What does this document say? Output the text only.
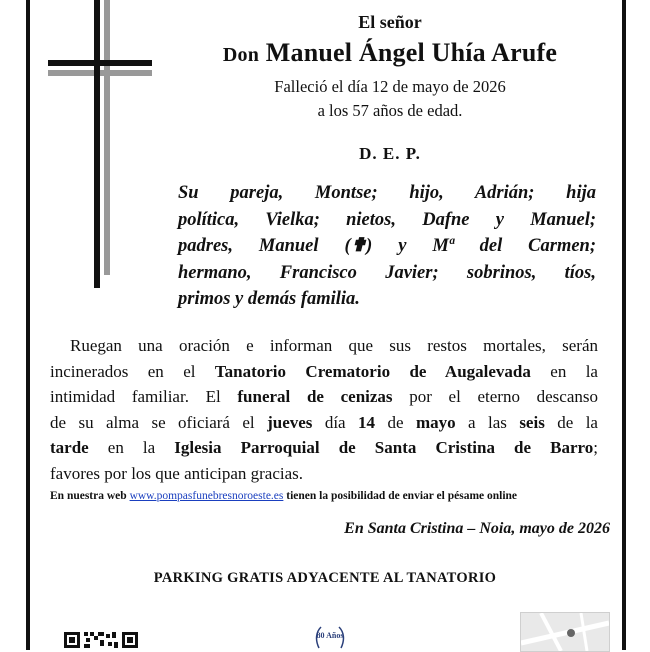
El señor
Don Manuel Ángel Uhía Arufe
Falleció el día 12 de mayo de 2026
a los 57 años de edad.
D. E. P.
Su pareja, Montse; hijo, Adrián; hija
política, Vielka; nietos, Dafne y Manuel;
padres, Manuel (✟) y Mª del Carmen;
hermano, Francisco Javier; sobrinos, tíos,
primos y demás familia.
Ruegan una oración e informan que sus restos mortales, serán
incinerados en el Tanatorio Crematorio de Augalevada en la
intimidad familiar. El funeral de cenizas por el eterno descanso
de su alma se oficiará el jueves día 14 de mayo a las seis de la
tarde en la Iglesia Parroquial de Santa Cristina de Barro;
favores por los que anticipan gracias.
En nuestra web www.pompasfunebresnoroeste.es tienen la posibilidad de enviar el pésame online
En Santa Cristina – Noia, mayo de 2026
PARKING GRATIS ADYACENTE AL TANATORIO
80 Años
